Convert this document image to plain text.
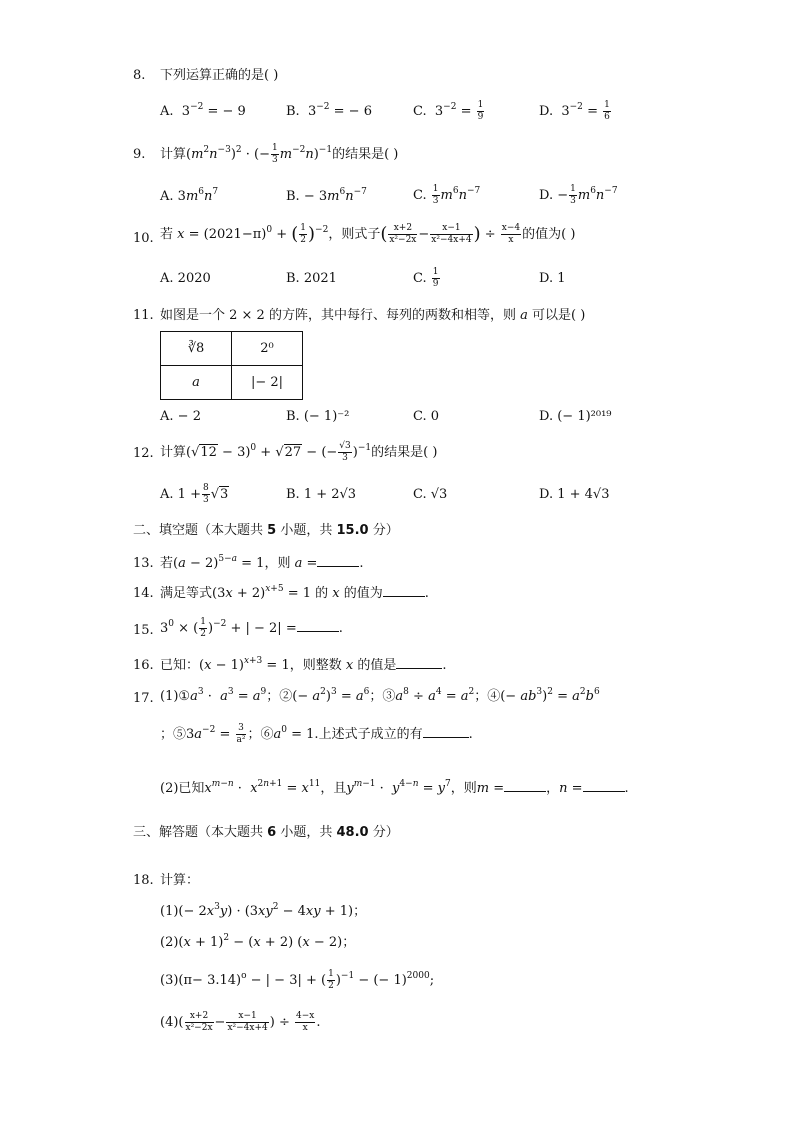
8. 下列运算正确的是( )
A. $3^{-2}$ = − 9	B. $3^{-2}$ = − 6	C. $3^{-2} = \frac{1}{9}$	D. $3^{-2} = \frac{1}{6}$
9. 计算$(m^2n^{-3})^2$ · (− $\frac{1}{3} m^{-2}n)^{-1}$的结果是( )
A. $3m^6n^7$	B. − $3m^6n^{-7}$	C. $\frac{1}{3} m^6n^{-7}$	D. − $\frac{1}{3} m^6n^{-7}$
10. 若 $x = (2021-\pi)^0$ + ( $\frac{1}{2} )^{-2}$，则式子( $\frac{x+2}{\text{x²−2x}} - \frac{x-1}{\text{x²−4x+4}}$ ) ÷ $\frac{x-4}{x}$ 的值为( )
A. 2020	B. 2021	C. $\frac{1}{9}$	D. 1
11. 如图是一个 2 × 2 的方阵，其中每行、每列的两数和相等，则 a 可以是( )
∛8	2⁰
a	|− 2|
A. − 2	B. (− 1)⁻²	C. 0	D. (− 1)²⁰¹⁹
12. 计算$(√12 - 3)^0 + √27$ − (− $\frac{√3}{3} )^{-1}$的结果是( )
A. $1 + \frac{8}{3} √3$	B. 1 + 2√3	C. √3	D. 1 + 4√3
二、填空题（本大题共 5 小题，共 15.0 分）
13. 若$(a - 2)^{5-a} = 1$，则 a =	.
14. 满足等式$(3x + 2)^{x+5} = 1$ 的 x 的值为	.
15. $3^0$ × ( $\frac{1}{2} )^{-2}$ + | − 2| =	.
16. 已知：$(x - 1)^{x+3} = 1$，则整数 x 的值是	.
17. $(1)①a^3 \cdot a^3 = a^9$；②(− $a^2)^3 = a^6$；$③a^8 \div a^4 = a^2$；④(− $ab^3)^2 = a^2b^6$
；$⑤3a^{-2} = \frac{3}{\text{a²}}$ ；$⑥a^0 = 1$.上述式子成立的有	.
(2)已知$x^{m-n} \cdot x^{2n+1} = x^{11}$，且$y^{m-1} \cdot y^{4-n} = y^7$，则m =	，n =	.
三、解答题（本大题共 6 小题，共 48.0 分）
18. 计算：
$(1)(- 2x^3y) \cdot (3xy^2 - 4xy + 1)$；
$(2)(x + 1)^2 - (x + 2)$ (x − 2)；
$(3)(\pi- 3.14)^o$ − | − 3| + ( $\frac{1}{2} )^{-1}$ − (− 1)$^{2000}$;
$(4)( \frac{x+2}{\text{x²−2x}} - \frac{x-1}{\text{x²−4x+4}}$ ) ÷ $\frac{4-x}{x}$ .
